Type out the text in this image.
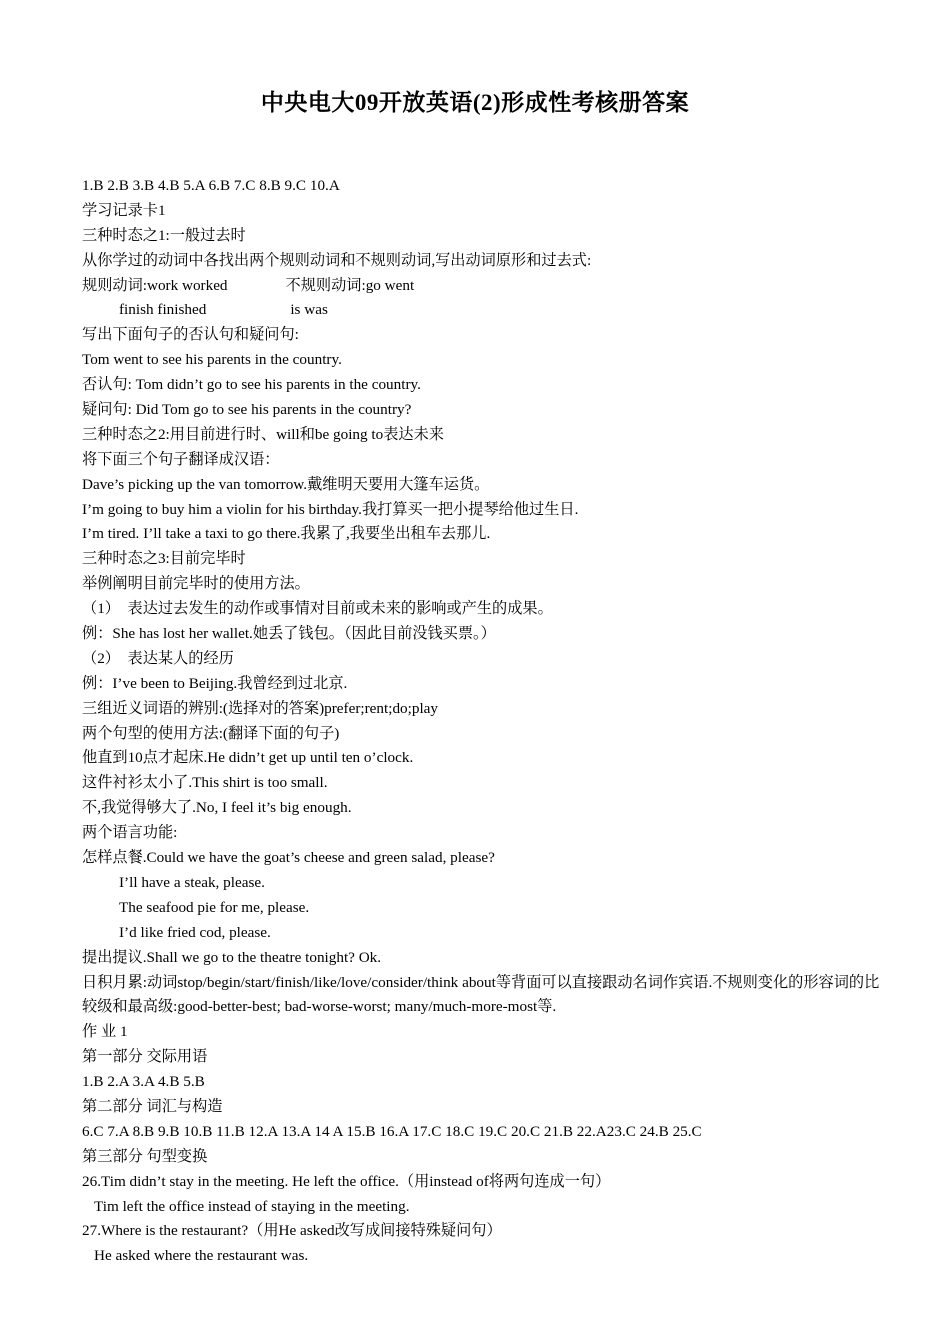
中央电大09开放英语(2)形成性考核册答案
1.B 2.B 3.B 4.B 5.A 6.B 7.C 8.B 9.C 10.A
学习记录卡1
三种时态之1:一般过去时
从你学过的动词中各找出两个规则动词和不规则动词,写出动词原形和过去式:
规则动词:work worked	不规则动词:go went
finish finished	is was
写出下面句子的否认句和疑问句:
Tom went to see his parents in the country.
否认句: Tom didn’t go to see his parents in the country.
疑问句: Did Tom go to see his parents in the country?
三种时态之2:用目前进行时、will和be going to表达未来
将下面三个句子翻译成汉语：
Dave’s picking up the van tomorrow.戴维明天要用大篷车运货。
I’m going to buy him a violin for his birthday.我打算买一把小提琴给他过生日.
I’m tired. I’ll take a taxi to go there.我累了,我要坐出租车去那儿.
三种时态之3:目前完毕时
举例阐明目前完毕时的使用方法。
（1）　表达过去发生的动作或事情对目前或未来的影响或产生的成果。
例：She has lost her wallet.她丢了钱包。（因此目前没钱买票。）
（2）　表达某人的经历
例：I’ve been to Beijing.我曾经到过北京.
三组近义词语的辨别:(选择对的答案)prefer;rent;do;play
两个句型的使用方法:(翻译下面的句子)
他直到10点才起床.He didn’t get up until ten o’clock.
这件衬衫太小了.This shirt is too small.
不,我觉得够大了.No, I feel it’s big enough.
两个语言功能:
怎样点餐.Could we have the goat’s cheese and green salad, please?
I’ll have a steak, please.
The seafood pie for me, please.
I’d like fried cod, please.
提出提议.Shall we go to the theatre tonight? Ok.
日积月累:动词stop/begin/start/finish/like/love/consider/think about等背面可以直接跟动名词作宾语.不规则变化的形容词的比较级和最高级:good-better-best; bad-worse-worst; many/much-more-most等.
作 业 1
第一部分 交际用语
1.B 2.A 3.A 4.B 5.B
第二部分 词汇与构造
6.C 7.A 8.B 9.B 10.B 11.B 12.A 13.A 14 A 15.B 16.A 17.C 18.C 19.C 20.C 21.B 22.A23.C 24.B 25.C
第三部分 句型变换
26.Tim didn’t stay in the meeting. He left the office.（用instead of将两句连成一句）
Tim left the office instead of staying in the meeting.
27.Where is the restaurant?（用He asked改写成间接特殊疑问句）
He asked where the restaurant was.
